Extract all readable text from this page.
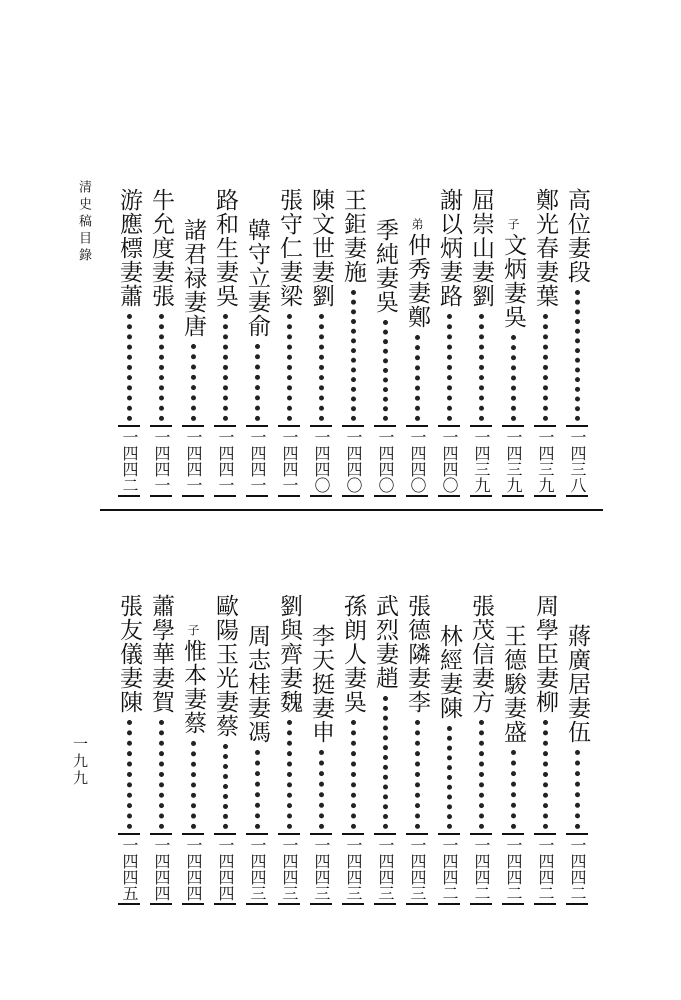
清史稿目錄	高位妻段
一四三八
鄭光春妻葉
一四三九
子
文炳妻吳
一四三九
屈崇山妻劉
一四三九
謝以炳妻路
一四四〇
弟
仲秀妻鄭
一四四〇
季純妻吳
一四四〇
王鉅妻施
一四四〇
陳文世妻劉
一四四〇
張守仁妻梁
一四四一
韓守立妻俞
一四四一
路和生妻吳
一四四一
諸君禄妻唐
一四四一
牛允度妻張
一四四一
游應標妻蕭
一四四二
蔣廣居妻伍
一四四二
周學臣妻柳
一四四二
王德駿妻盛
一四四二
張茂信妻方
一四四二
林經妻陳
一四四二
張德隣妻李
一四四三
武烈妻趙
一四四三
孫朗人妻吳
一四四三
李天挺妻申
一四四三
劉與齊妻魏
一四四三
周志桂妻馮
一四四三
歐陽玉光妻蔡
一四四四
子
惟本妻蔡
一四四四
蕭學華妻賀
一四四四
張友儀妻陳
一四四五
一九九
